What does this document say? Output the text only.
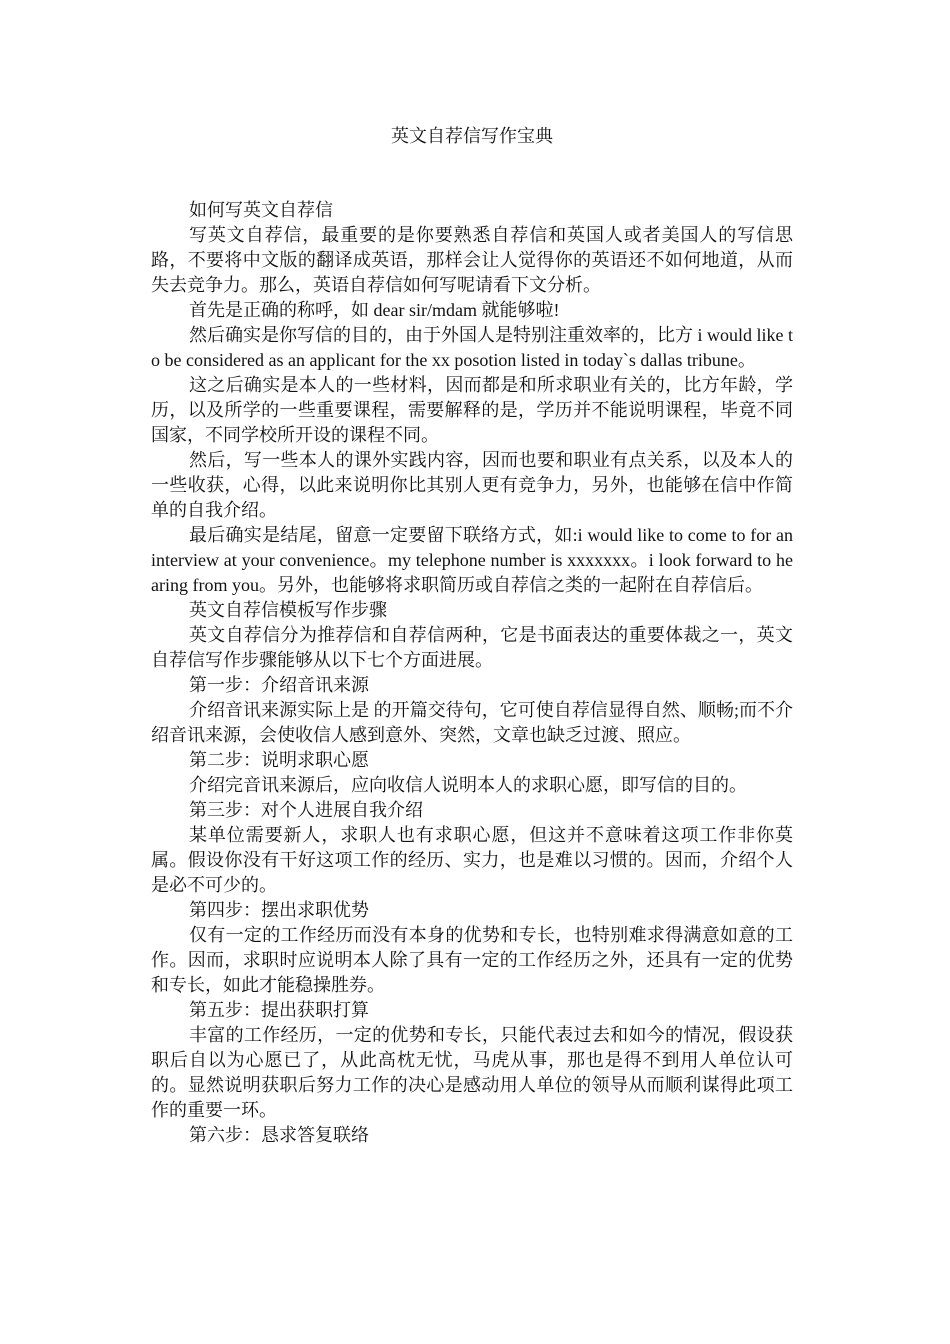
英文自荐信写作宝典

如何写英文自荐信

写英文自荐信，最重要的是你要熟悉自荐信和英国人或者美国人的写信思路，不要将中文版的翻译成英语，那样会让人觉得你的英语还不如何地道，从而失去竞争力。那么，英语自荐信如何写呢请看下文分析。

首先是正确的称呼，如 dear sir/mdam 就能够啦!

然后确实是你写信的目的，由于外国人是特别注重效率的，比方 i would like to be considered as an applicant for the xx posotion listed in today`s dallas tribune。

这之后确实是本人的一些材料，因而都是和所求职业有关的，比方年龄，学历，以及所学的一些重要课程，需要解释的是，学历并不能说明课程，毕竟不同国家，不同学校所开设的课程不同。

然后，写一些本人的课外实践内容，因而也要和职业有点关系，以及本人的一些收获，心得，以此来说明你比其别人更有竞争力，另外，也能够在信中作简单的自我介绍。

最后确实是结尾，留意一定要留下联络方式，如:i would like to come to for an interview at your convenience。my telephone number is xxxxxxx。i look forward to hearing from you。另外，也能够将求职简历或自荐信之类的一起附在自荐信后。

英文自荐信模板写作步骤

英文自荐信分为推荐信和自荐信两种，它是书面表达的重要体裁之一，英文自荐信写作步骤能够从以下七个方面进展。

第一步：介绍音讯来源

介绍音讯来源实际上是 的开篇交待句，它可使自荐信显得自然、顺畅;而不介绍音讯来源，会使收信人感到意外、突然，文章也缺乏过渡、照应。

第二步：说明求职心愿

介绍完音讯来源后，应向收信人说明本人的求职心愿，即写信的目的。

第三步：对个人进展自我介绍

某单位需要新人，求职人也有求职心愿，但这并不意味着这项工作非你莫属。假设你没有干好这项工作的经历、实力，也是难以习惯的。因而，介绍个人 是必不可少的。

第四步：摆出求职优势

仅有一定的工作经历而没有本身的优势和专长，也特别难求得满意如意的工作。因而，求职时应说明本人除了具有一定的工作经历之外，还具有一定的优势和专长，如此才能稳操胜券。

第五步：提出获职打算

丰富的工作经历，一定的优势和专长，只能代表过去和如今的情况，假设获职后自以为心愿已了，从此高枕无忧，马虎从事，那也是得不到用人单位认可的。显然说明获职后努力工作的决心是感动用人单位的领导从而顺利谋得此项工作的重要一环。

第六步：恳求答复联络
